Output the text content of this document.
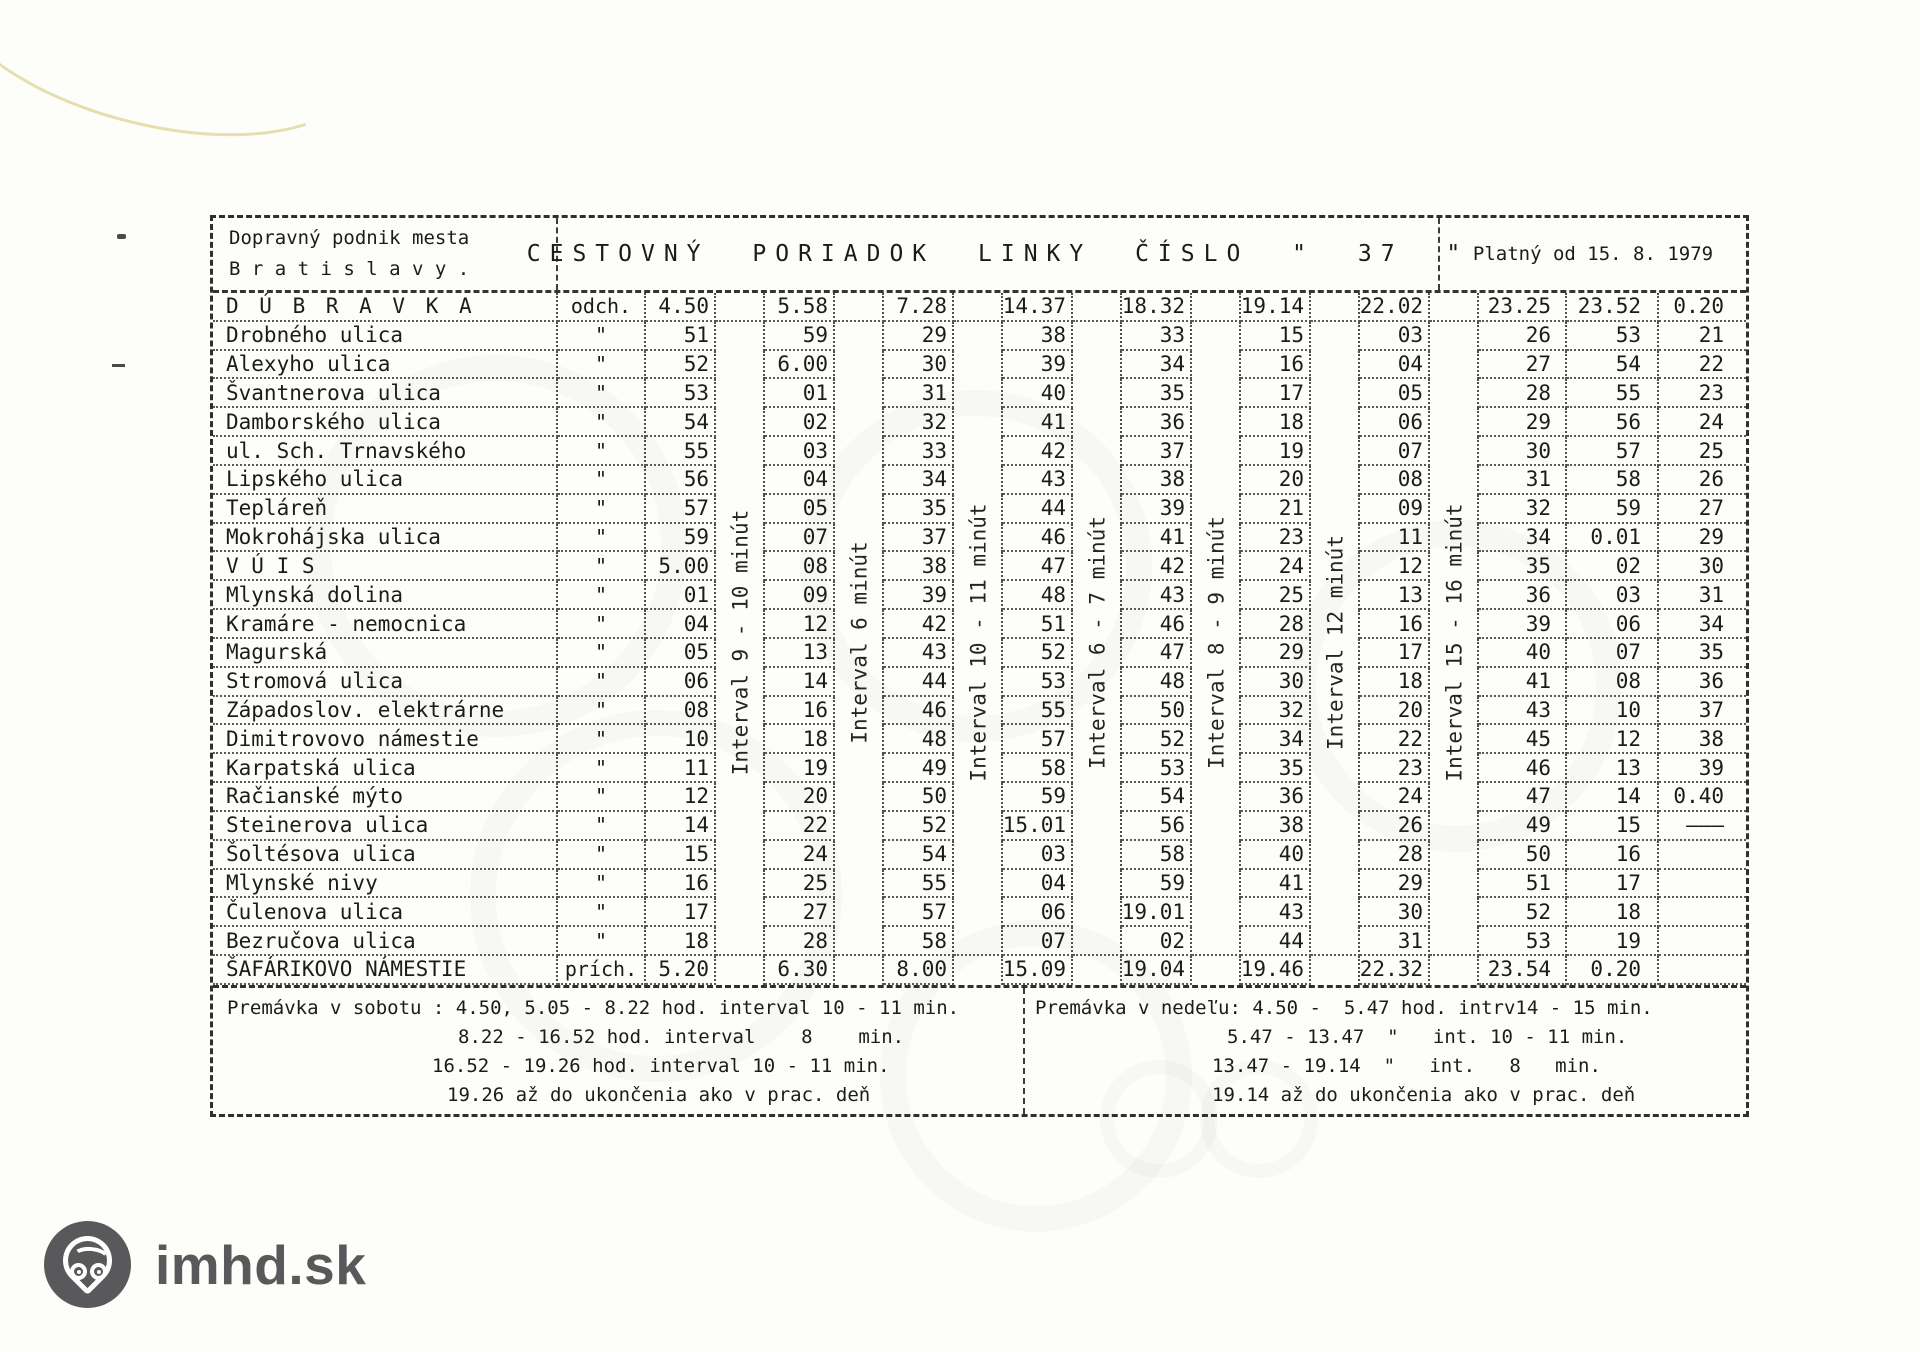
Dopravný podnik mesta
B r a t i s l a v y .
CESTOVNÝ PORIADOK LINKY ČÍSLO " 37 " Platný od 15. 8. 1979
D Ú B R A V K A	odch.	4.50	5.58	7.28	14.37	18.32	19.14	22.02	23.25	23.52	0.20
Drobného ulica	"	51	59	29	38	33	15	03	26	53	21
Alexyho ulica	"	52	6.00	30	39	34	16	04	27	54	22
Švantnerova ulica	"	53	01	31	40	35	17	05	28	55	23
Damborského ulica	"	54	02	32	41	36	18	06	29	56	24
ul. Sch. Trnavského	"	55	03	33	42	37	19	07	30	57	25
Lipského ulica	"	56	04	34	43	38	20	08	31	58	26
Tepláreň	"	57	05	35	44	39	21	09	32	59	27
Mokrohájska ulica	"	59	07	37	46	41	23	11	34	0.01	29
V Ú I S	"	5.00	08	38	47	42	24	12	35	02	30
Mlynská dolina	"	01	09	39	48	43	25	13	36	03	31
Kramáre - nemocnica	"	04	12	42	51	46	28	16	39	06	34
Magurská	"	05	13	43	52	47	29	17	40	07	35
Stromová ulica	"	06	14	44	53	48	30	18	41	08	36
Západoslov. elektrárne	"	08	16	46	55	50	32	20	43	10	37
Dimitrovovo námestie	"	10	18	48	57	52	34	22	45	12	38
Karpatská ulica	"	11	19	49	58	53	35	23	46	13	39
Račianské mýto	"	12	20	50	59	54	36	24	47	14	0.40
Steinerova ulica	"	14	22	52	15.01	56	38	26	49	15	———
Šoltésova ulica	"	15	24	54	03	58	40	28	50	16
Mlynské nivy	"	16	25	55	04	59	41	29	51	17
Čulenova ulica	"	17	27	57	06	19.01	43	30	52	18
Bezručova ulica	"	18	28	58	07	02	44	31	53	19
ŠAFÁRIKOVO NÁMESTIE	prích.	5.20	6.30	8.00	15.09	19.04	19.46	22.32	23.54	0.20
Interval 9 - 10 minút	Interval 6 minút	Interval 10 - 11 minút	Interval 6 - 7 minút	Interval 8 - 9 minút	Interval 12 minút	Interval 15 - 16 minút
Premávka v sobotu : 4.50, 5.05 - 8.22 hod. interval 10 - 11 min.
8.22 - 16.52 hod. interval    8    min.
16.52 - 19.26 hod. interval 10 - 11 min.
19.26 až do ukončenia ako v prac. deň
Premávka v nedeľu: 4.50 -  5.47 hod. intrv14 - 15 min.
5.47 - 13.47  "   int. 10 - 11 min.
13.47 - 19.14  "   int.   8   min.
19.14 až do ukončenia ako v prac. deň
imhd.sk
